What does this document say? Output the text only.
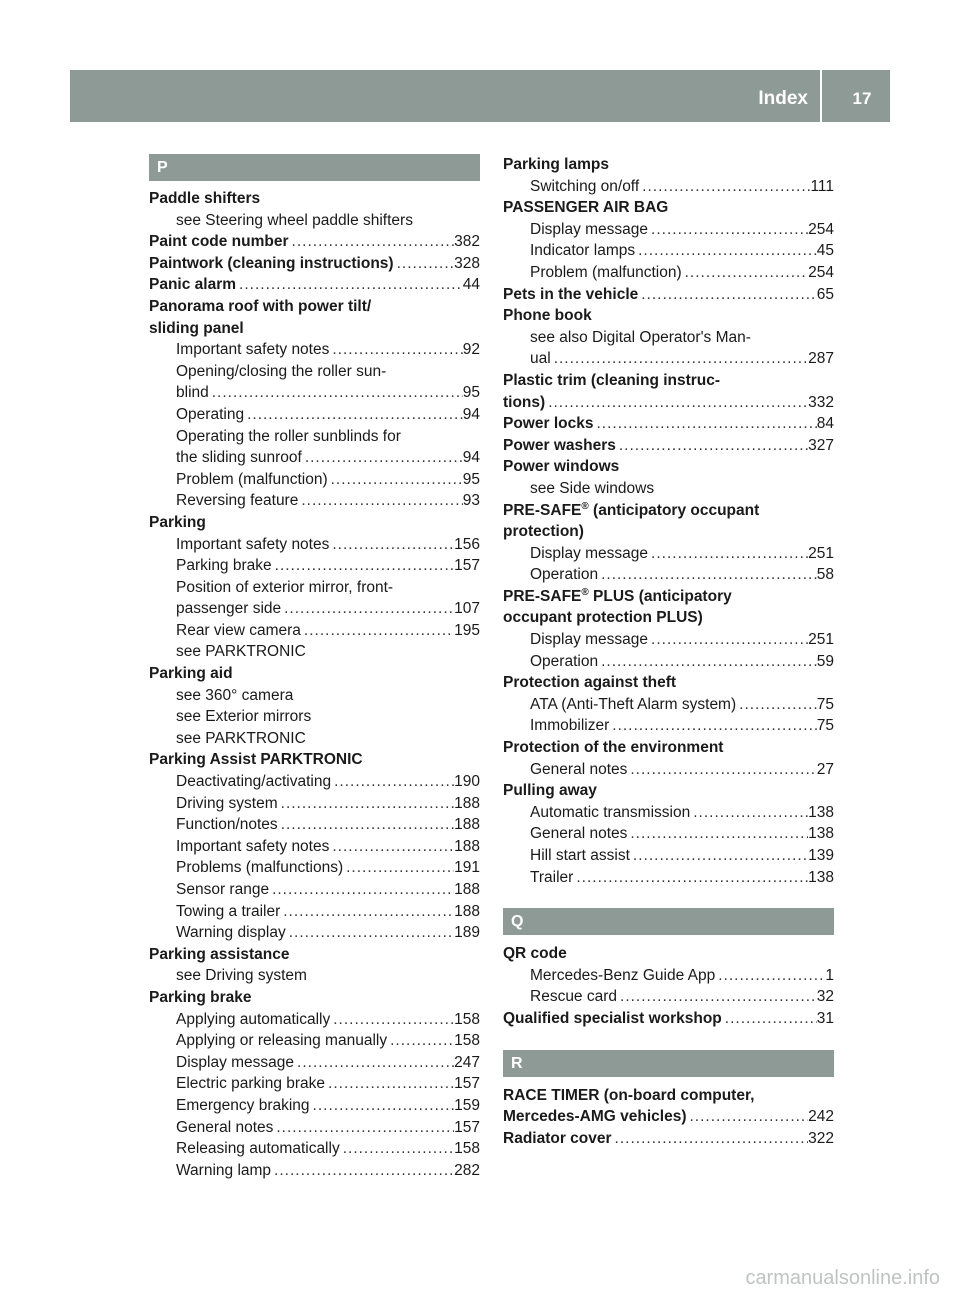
Index	17
P
Paddle shifters
see Steering wheel paddle shifters
Paint code number .....	382
Paintwork (cleaning instructions) .....	328
Panic alarm .....	44
Panorama roof with power tilt/
sliding panel
Important safety notes .....	92
Opening/closing the roller sun-
blind .....	95
Operating .....	94
Operating the roller sunblinds for
the sliding sunroof .....	94
Problem (malfunction) .....	95
Reversing feature .....	93
Parking
Important safety notes .....	156
Parking brake .....	157
Position of exterior mirror, front-
passenger side .....	107
Rear view camera .....	195
see PARKTRONIC
Parking aid
see 360° camera
see Exterior mirrors
see PARKTRONIC
Parking Assist PARKTRONIC
Deactivating/activating .....	190
Driving system .....	188
Function/notes .....	188
Important safety notes .....	188
Problems (malfunctions) .....	191
Sensor range .....	188
Towing a trailer .....	188
Warning display .....	189
Parking assistance
see Driving system
Parking brake
Applying automatically .....	158
Applying or releasing manually .....	158
Display message .....	247
Electric parking brake .....	157
Emergency braking .....	159
General notes .....	157
Releasing automatically .....	158
Warning lamp .....	282
Parking lamps
Switching on/off .....	111
PASSENGER AIR BAG
Display message .....	254
Indicator lamps .....	45
Problem (malfunction) .....	254
Pets in the vehicle .....	65
Phone book
see also Digital Operator's Man-
ual .....	287
Plastic trim (cleaning instruc-
tions) .....	332
Power locks .....	84
Power washers .....	327
Power windows
see Side windows
PRE-SAFE® (anticipatory occupant
protection)
Display message .....	251
Operation .....	58
PRE-SAFE® PLUS (anticipatory
occupant protection PLUS)
Display message .....	251
Operation .....	59
Protection against theft
ATA (Anti-Theft Alarm system) .....	75
Immobilizer .....	75
Protection of the environment
General notes .....	27
Pulling away
Automatic transmission .....	138
General notes .....	138
Hill start assist .....	139
Trailer .....	138
Q
QR code
Mercedes-Benz Guide App .....	1
Rescue card .....	32
Qualified specialist workshop .....	31
R
RACE TIMER (on-board computer,
Mercedes-AMG vehicles) .....	242
Radiator cover .....	322
carmanualsonline.info
